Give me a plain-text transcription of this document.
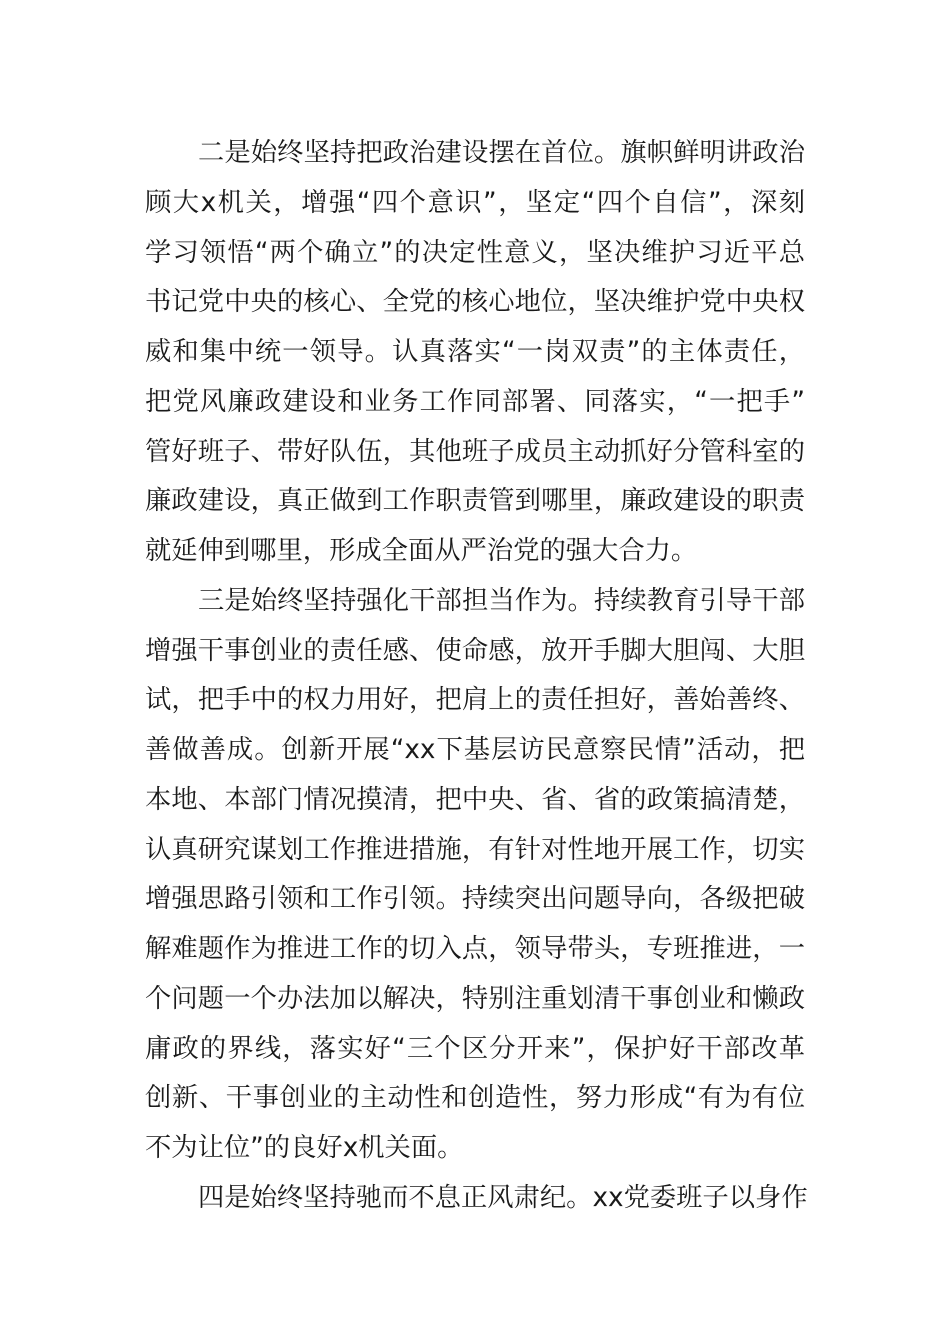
二是始终坚持把政治建设摆在首位。旗帜鲜明讲政治
顾大x机关，增强“四个意识”，坚定“四个自信”，深刻
学习领悟“两个确立”的决定性意义，坚决维护习近平总
书记党中央的核心、全党的核心地位，坚决维护党中央权
威和集中统一领导。认真落实“一岗双责”的主体责任，
把党风廉政建设和业务工作同部署、同落实，“一把手”
管好班子、带好队伍，其他班子成员主动抓好分管科室的
廉政建设，真正做到工作职责管到哪里，廉政建设的职责
就延伸到哪里，形成全面从严治党的强大合力。
三是始终坚持强化干部担当作为。持续教育引导干部
增强干事创业的责任感、使命感，放开手脚大胆闯、大胆
试，把手中的权力用好，把肩上的责任担好，善始善终、
善做善成。创新开展“xx下基层访民意察民情”活动，把
本地、本部门情况摸清，把中央、省、省的政策搞清楚，
认真研究谋划工作推进措施，有针对性地开展工作，切实
增强思路引领和工作引领。持续突出问题导向，各级把破
解难题作为推进工作的切入点，领导带头，专班推进，一
个问题一个办法加以解决，特别注重划清干事创业和懒政
庸政的界线，落实好“三个区分开来”，保护好干部改革
创新、干事创业的主动性和创造性，努力形成“有为有位
不为让位”的良好x机关面。
四是始终坚持驰而不息正风肃纪。xx党委班子以身作
